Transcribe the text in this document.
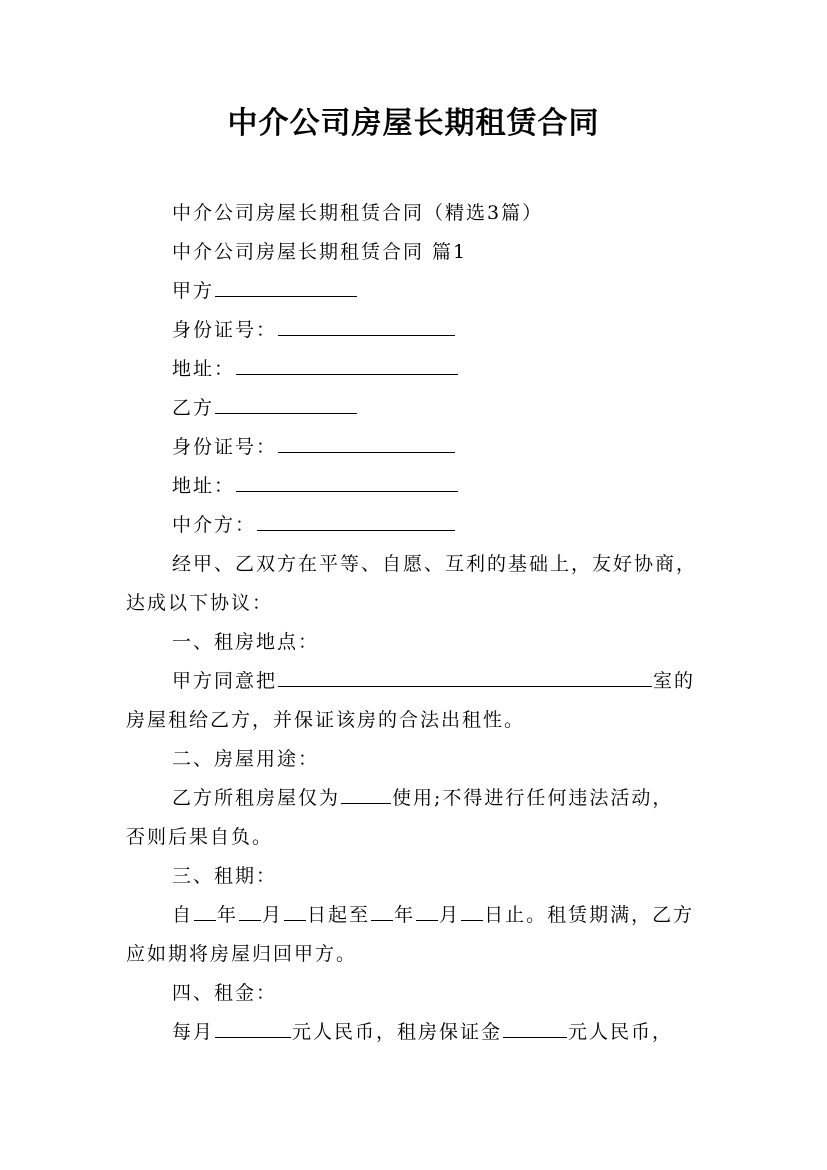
中介公司房屋长期租赁合同
中介公司房屋长期租赁合同（精选3篇）
中介公司房屋长期租赁合同 篇1
甲方
身份证号：
地址：
乙方
身份证号：
地址：
中介方：
经甲、乙双方在平等、自愿、互利的基础上，友好协商，
达成以下协议：
一、租房地点：
甲方同意把	室的
房屋租给乙方，并保证该房的合法出租性。
二、房屋用途：
乙方所租房屋仅为	使用;不得进行任何违法活动，
否则后果自负。
三、租期：
自 年 月 日起至 年 月 日止。租赁期满，乙方
应如期将房屋归回甲方。
四、租金：
每月	元人民币，租房保证金	元人民币，
